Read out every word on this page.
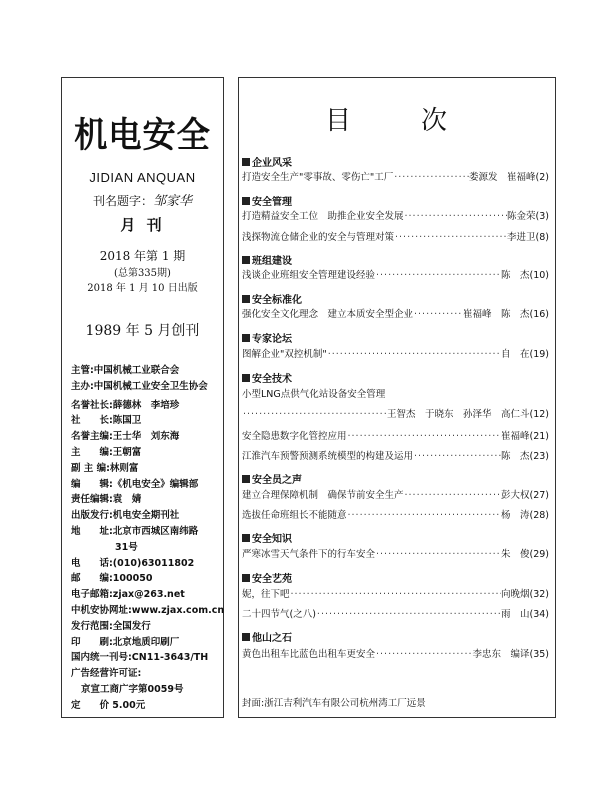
机电安全
JIDIAN ANQUAN
刊名题字：邹家华
月 刊
2018 年第 1 期
(总第335期)
2018 年 1 月 10 日出版
1989 年 5 月创刊
主管:中国机械工业联合会
主办:中国机械工业安全卫生协会
名誉社长:薛德林　李培珍
社　　长:陈国卫
名誉主编:王士华　刘东海
主　　编:王朝富
副 主 编:林则富
编　　辑:《机电安全》编辑部
责任编辑:袁　婧
出版发行:机电安全期刊社
地　　址:北京市西城区南纬路
31号
电　　话:(010)63011802
邮　　编:100050
电子邮箱:zjax@263.net
中机安协网址:www.zjax.com.cn
发行范围:全国发行
印　　刷:北京地质印刷厂
国内统一刊号:CN11-3643/TH
广告经营许可证:
京宣工商广字第0059号
定　　价 5.00元
目　次
企业风采
打造安全生产"零事故、零伤亡"工厂 ·····	娄源发　崔福峰(2)
安全管理
打造精益安全工位　助推企业安全发展 ·····	陈金荣(3)
浅探物流仓储企业的安全与管理对策 ·····	李进卫(8)
班组建设
浅谈企业班组安全管理建设经验 ·····	陈　杰(10)
安全标准化
强化安全文化理念　建立本质安全型企业 ·····	崔福峰　陈　杰(16)
专家论坛
图解企业"双控机制" ·····	自　在(19)
安全技术
小型LNG点供气化站设备安全管理
·····
王智杰　于晓东　孙泽华　高仁斗(12)
安全隐患数字化管控应用 ·····	崔福峰(21)
江淮汽车预警预测系统模型的构建及运用 ·····	陈　杰(23)
安全员之声
建立合理保障机制　确保节前安全生产 ·····	彭大权(27)
选拔任命班组长不能随意 ·····	杨　涛(28)
安全知识
严寒冰雪天气条件下的行车安全 ·····	朱　俊(29)
安全艺苑
妮，往下吧 ·····	向晚烟(32)
二十四节气(之八) ·····	雨　山(34)
他山之石
黄色出租车比蓝色出租车更安全 ·····	李忠东　编译(35)
封面:浙江吉利汽车有限公司杭州湾工厂远景
